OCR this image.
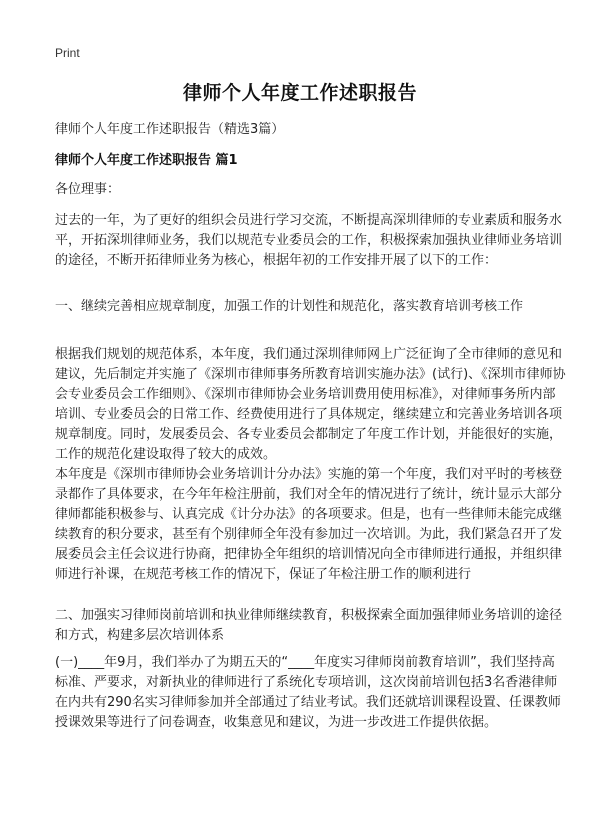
Print
律师个人年度工作述职报告

律师个人年度工作述职报告（精选3篇）

律师个人年度工作述职报告 篇1

各位理事：

过去的一年，为了更好的组织会员进行学习交流，不断提高深圳律师的专业素质和服务水平，开拓深圳律师业务，我们以规范专业委员会的工作，积极探索加强执业律师业务培训的途径，不断开拓律师业务为核心，根据年初的工作安排开展了以下的工作：

一、继续完善相应规章制度，加强工作的计划性和规范化，落实教育培训考核工作

根据我们规划的规范体系，本年度，我们通过深圳律师网上广泛征询了全市律师的意见和建议，先后制定并实施了《深圳市律师事务所教育培训实施办法》(试行)、《深圳市律师协会专业委员会工作细则》、《深圳市律师协会业务培训费用使用标准》，对律师事务所内部培训、专业委员会的日常工作、经费使用进行了具体规定，继续建立和完善业务培训各项规章制度。同时，发展委员会、各专业委员会都制定了年度工作计划，并能很好的实施，工作的规范化建设取得了较大的成效。

本年度是《深圳市律师协会业务培训计分办法》实施的第一个年度，我们对平时的考核登录都作了具体要求，在今年年检注册前，我们对全年的情况进行了统计，统计显示大部分律师都能积极参与、认真完成《计分办法》的各项要求。但是，也有一些律师未能完成继续教育的积分要求，甚至有个别律师全年没有参加过一次培训。为此，我们紧急召开了发展委员会主任会议进行协商，把律协全年组织的培训情况向全市律师进行通报，并组织律师进行补课，在规范考核工作的情况下，保证了年检注册工作的顺利进行

二、加强实习律师岗前培训和执业律师继续教育，积极探索全面加强律师业务培训的途径和方式，构建多层次培训体系

(一)____年9月，我们举办了为期五天的“____年度实习律师岗前教育培训”，我们坚持高标准、严要求，对新执业的律师进行了系统化专项培训，这次岗前培训包括3名香港律师在内共有290名实习律师参加并全部通过了结业考试。我们还就培训课程设置、任课教师授课效果等进行了问卷调查，收集意见和建议，为进一步改进工作提供依据。
